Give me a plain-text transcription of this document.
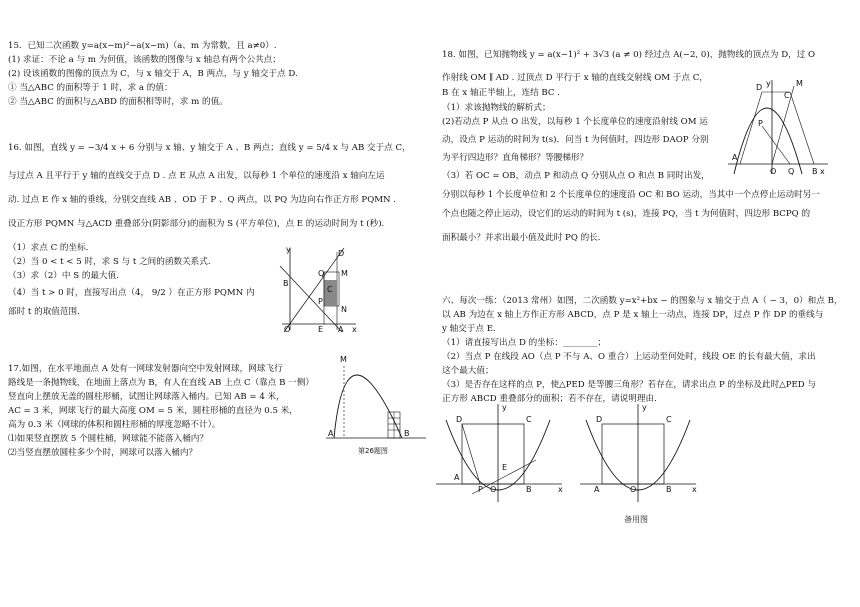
15．已知二次函数 y=a(x−m)²−a(x−m)（a、m 为常数，且 a≠0）.
(1) 求证：不论 a 与 m 为何值，该函数的图像与 x 轴总有两个公共点；
(2) 设该函数的图像的顶点为 C，与 x 轴交于 A，B 两点，与 y 轴交于点 D.
① 当△ABC 的面积等于 1 时，求 a 的值：
② 当△ABC 的面积与△ABD 的面积相等时，求 m 的值。
16. 如图，直线 y = −3/4 x + 6 分别与 x 轴、y 轴交于 A 、B 两点；直线 y = 5/4 x 与 AB 交于点 C，
与过点 A 且平行于 y 轴的直线交于点 D . 点 E 从点 A 出发，以每秒 1 个单位的速度沿 x 轴向左运
动. 过点 E 作 x 轴的垂线，分别交直线 AB 、OD 于 P 、Q 两点，以 PQ 为边向右作正方形 PQMN .
设正方形 PQMN 与△ACD 重叠部分(阴影部分)的面积为 S (平方单位)，点 E 的运动时间为 t (秒).
（1）求点 C 的坐标.
（2）当 0 < t < 5 时，求 S 与 t 之间的函数关系式.
（3）求（2）中 S 的最大值.
（4）当 t > 0 时，直接写出点（4， 9/2 ）在正方形 PQMN 内
部时 t 的取值范围.
y
x
B
O	E A
Q M
P
N
D
C
17.如图，在水平地面点 A 处有一网球发射器向空中发射网球，网球飞行
路线是一条抛物线，在地面上落点为 B，有人在直线 AB 上点 C（靠点 B 一侧）
竖直向上摆放无盖的圆柱形桶，试图让网球落入桶内。已知 AB = 4 米，
AC = 3 米，网球飞行的最大高度 OM = 5 米，圆柱形桶的直径为 0.5 米，
高为 0.3 米（网球的体积和圆柱形桶的厚度忽略不计）。
⑴如果竖直摆放 5 个圆柱桶，网球能不能落入桶内？
⑵当竖直摆放圆柱多少个时，网球可以落入桶内？
M
A	B
第26题图
18. 如图，已知抛物线 y = a(x−1)² + 3√3 (a ≠ 0) 经过点 A(−2, 0)，抛物线的顶点为 D，过 O
作射线 OM ∥ AD . 过顶点 D 平行于 x 轴的直线交射线 OM 于点 C，
B 在 x 轴正半轴上，连结 BC .
（1）求该抛物线的解析式；
(2)若动点 P 从点 O 出发，以每秒 1 个长度单位的速度沿射线 OM 运
动，设点 P 运动的时间为 t(s)．问当 t 为何值时，四边形 DAOP 分别
为平行四边形？直角梯形？等腰梯形？
（3）若 OC = OB，动点 P 和动点 Q 分别从点 O 和点 B 同时出发，
分别以每秒 1 个长度单位和 2 个长度单位的速度沿 OC 和 BO 运动，当其中一个点停止运动时另一
个点也随之停止运动，设它们的运动的时间为 t (s)，连接 PQ，当 t 为何值时，四边形 BCPQ 的
面积最小？并求出最小值及此时 PQ 的长.
y	M
D
C
A
O Q B x
P
六、每次一练：（2013 常州）如图，二次函数 y=x²+bx − 的图象与 x 轴交于点 A（ − 3，0）和点 B，
以 AB 为边在 x 轴上方作正方形 ABCD，点 P 是 x 轴上一动点，连接 DP，过点 P 作 DP 的垂线与
y 轴交于点 E.
（1）请直接写出点 D 的坐标：________；
（2）当点 P 在线段 AO（点 P 不与 A、O 重合）上运动至何处时，线段 OE 的长有最大值，求出
这个最大值；
（3）是否存在这样的点 P，使△PED 是等腰三角形？若存在，请求出点 P 的坐标及此时△PED 与
正方形 ABCD 重叠部分的面积；若不存在，请说明理由.
y
D	C
A
P O
E
B	x
y
D	C
A	O	B	x
备用图
